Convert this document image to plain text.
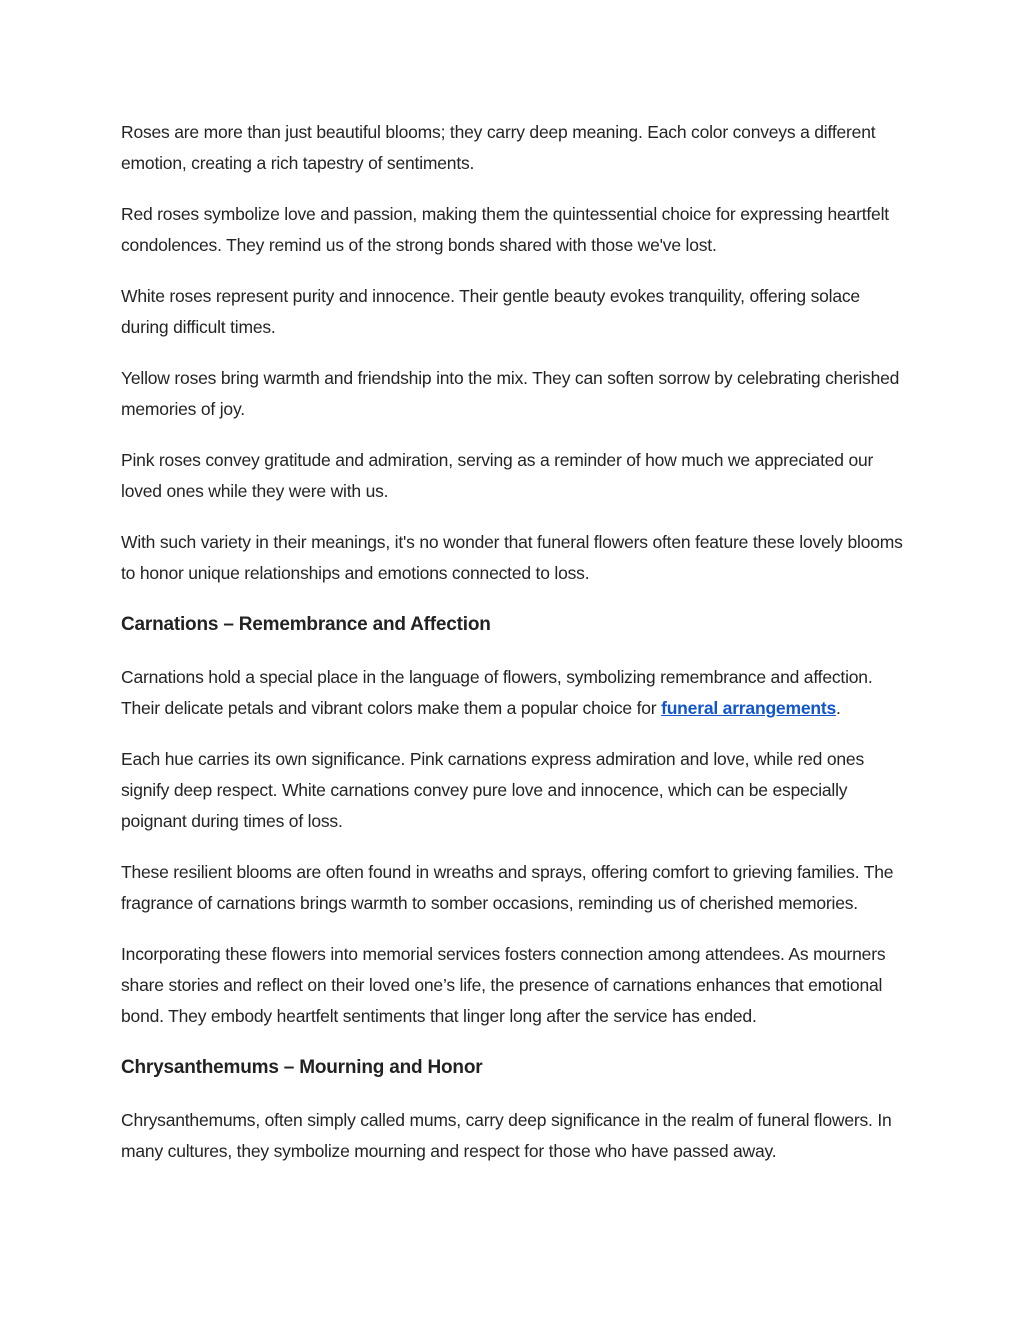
Roses are more than just beautiful blooms; they carry deep meaning. Each color conveys a different emotion, creating a rich tapestry of sentiments.

Red roses symbolize love and passion, making them the quintessential choice for expressing heartfelt condolences. They remind us of the strong bonds shared with those we've lost.

White roses represent purity and innocence. Their gentle beauty evokes tranquility, offering solace during difficult times.

Yellow roses bring warmth and friendship into the mix. They can soften sorrow by celebrating cherished memories of joy.

Pink roses convey gratitude and admiration, serving as a reminder of how much we appreciated our loved ones while they were with us.

With such variety in their meanings, it's no wonder that funeral flowers often feature these lovely blooms to honor unique relationships and emotions connected to loss.

Carnations – Remembrance and Affection

Carnations hold a special place in the language of flowers, symbolizing remembrance and affection. Their delicate petals and vibrant colors make them a popular choice for funeral arrangements.

Each hue carries its own significance. Pink carnations express admiration and love, while red ones signify deep respect. White carnations convey pure love and innocence, which can be especially poignant during times of loss.

These resilient blooms are often found in wreaths and sprays, offering comfort to grieving families. The fragrance of carnations brings warmth to somber occasions, reminding us of cherished memories.

Incorporating these flowers into memorial services fosters connection among attendees. As mourners share stories and reflect on their loved one’s life, the presence of carnations enhances that emotional bond. They embody heartfelt sentiments that linger long after the service has ended.

Chrysanthemums – Mourning and Honor

Chrysanthemums, often simply called mums, carry deep significance in the realm of funeral flowers. In many cultures, they symbolize mourning and respect for those who have passed away.
